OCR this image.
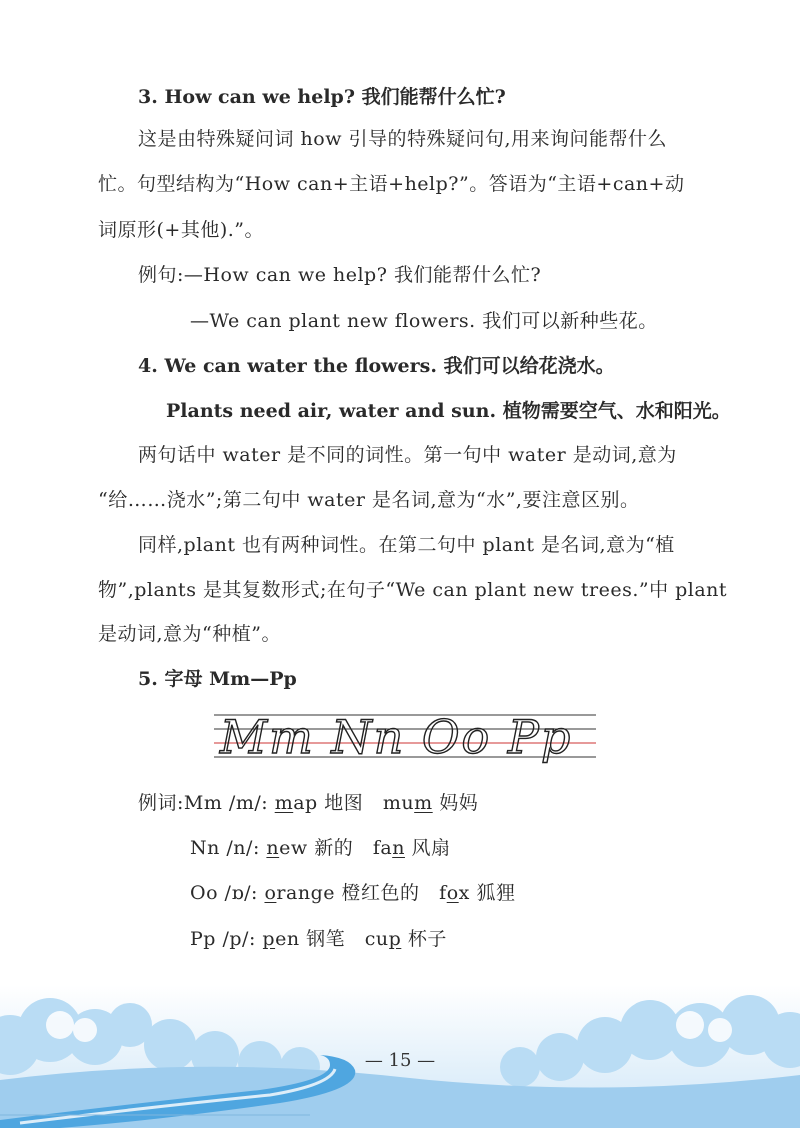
3. How can we help? 我们能帮什么忙?
这是由特殊疑问词 how 引导的特殊疑问句,用来询问能帮什么
忙。句型结构为“How can+主语+help?”。答语为“主语+can+动
词原形(+其他).”。
例句:—How can we help? 我们能帮什么忙?
—We can plant new flowers. 我们可以新种些花。
4. We can water the flowers. 我们可以给花浇水。
Plants need air, water and sun. 植物需要空气、水和阳光。
两句话中 water 是不同的词性。第一句中 water 是动词,意为
“给……浇水”;第二句中 water 是名词,意为“水”,要注意区别。
同样,plant 也有两种词性。在第二句中 plant 是名词,意为“植
物”,plants 是其复数形式;在句子“We can plant new trees.”中 plant
是动词,意为“种植”。
5. 字母 Mm—Pp
Mm Nn Oo Pp
例词:Mm /m/: map 地图 mum 妈妈
Nn /n/: new 新的 fan 风扇
Oo /ɒ/: orange 橙红色的 fox 狐狸
Pp /p/: pen 钢笔 cup 杯子
— 15 —
